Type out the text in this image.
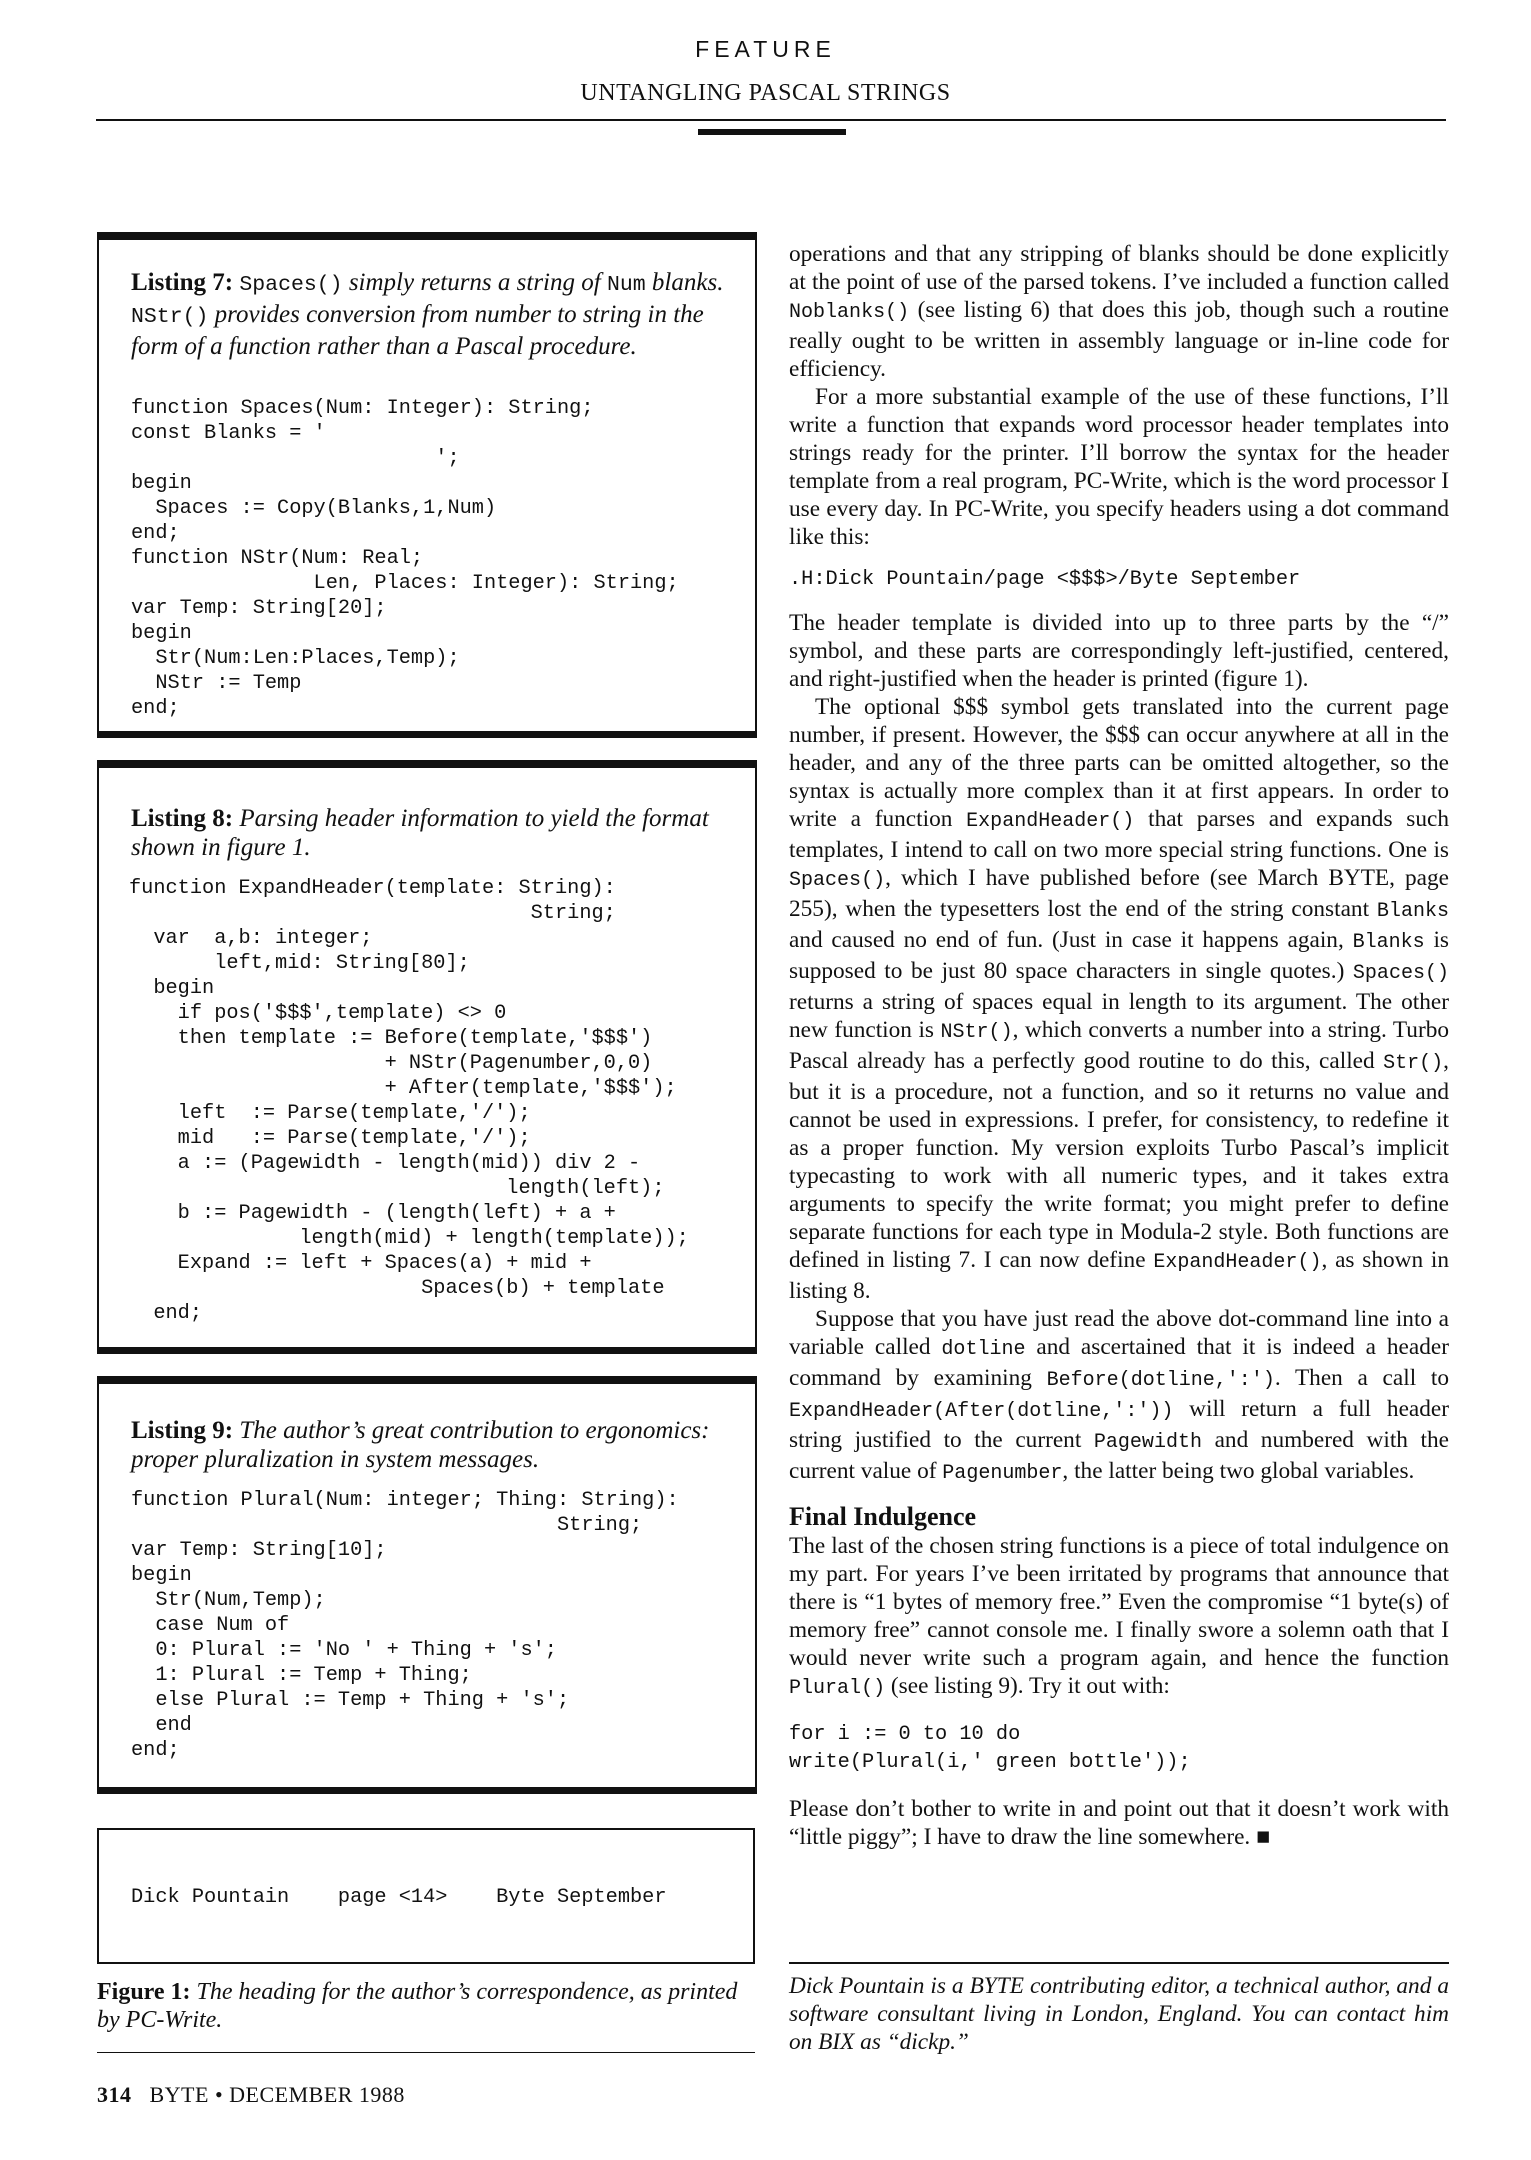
FEATURE
UNTANGLING PASCAL STRINGS
Listing 7: Spaces() simply returns a string of Num blanks. NStr() provides conversion from number to string in the form of a function rather than a Pascal procedure.
function Spaces(Num: Integer): String;
const Blanks = '
';
begin
Spaces := Copy(Blanks,1,Num)
end;
function NStr(Num: Real;
Len, Places: Integer): String;
var Temp: String[20];
begin
Str(Num:Len:Places,Temp);
NStr := Temp
end;
Listing 8: Parsing header information to yield the format shown in figure 1.
function ExpandHeader(template: String):
String;
var  a,b: integer;
left,mid: String[80];
begin
if pos('$$$',template) <> 0
then template := Before(template,'$$$')
+ NStr(Pagenumber,0,0)
+ After(template,'$$$');
left  := Parse(template,'/');
mid   := Parse(template,'/');
a := (Pagewidth - length(mid)) div 2 -
length(left);
b := Pagewidth - (length(left) + a +
length(mid) + length(template));
Expand := left + Spaces(a) + mid +
Spaces(b) + template
end;
Listing 9: The author’s great contribution to ergonomics: proper pluralization in system messages.
function Plural(Num: integer; Thing: String):
String;
var Temp: String[10];
begin
Str(Num,Temp);
case Num of
0: Plural := 'No ' + Thing + 's';
1: Plural := Temp + Thing;
else Plural := Temp + Thing + 's';
end
end;
Dick Pountain    page <14>    Byte September
Figure 1: The heading for the author’s correspondence, as printed by PC-Write.

operations and that any stripping of blanks should be done explicitly at the point of use of the parsed tokens. I’ve included a function called Noblanks() (see listing 6) that does this job, though such a routine really ought to be written in assembly language or in-line code for efficiency.

For a more substantial example of the use of these functions, I’ll write a function that expands word processor header templates into strings ready for the printer. I’ll borrow the syntax for the header template from a real program, PC-Write, which is the word processor I use every day. In PC-Write, you specify headers using a dot command like this:

.H:Dick Pountain/page <$$$>/Byte September

The header template is divided into up to three parts by the “/” symbol, and these parts are correspondingly left-justified, centered, and right-justified when the header is printed (figure 1).

The optional $$$ symbol gets translated into the current page number, if present. However, the $$$ can occur anywhere at all in the header, and any of the three parts can be omitted altogether, so the syntax is actually more complex than it at first appears. In order to write a function ExpandHeader() that parses and expands such templates, I intend to call on two more special string functions. One is Spaces(), which I have published before (see March BYTE, page 255), when the typesetters lost the end of the string constant Blanks and caused no end of fun. (Just in case it happens again, Blanks is supposed to be just 80 space characters in single quotes.) Spaces() returns a string of spaces equal in length to its argument. The other new function is NStr(), which converts a number into a string. Turbo Pascal already has a perfectly good routine to do this, called Str(), but it is a procedure, not a function, and so it returns no value and cannot be used in expressions. I prefer, for consistency, to redefine it as a proper function. My version exploits Turbo Pascal’s implicit typecasting to work with all numeric types, and it takes extra arguments to specify the write format; you might prefer to define separate functions for each type in Modula-2 style. Both functions are defined in listing 7. I can now define ExpandHeader(), as shown in listing 8.

Suppose that you have just read the above dot-command line into a variable called dotline and ascertained that it is indeed a header command by examining Before(dotline,':'). Then a call to ExpandHeader(After(dotline,':')) will return a full header string justified to the current Pagewidth and numbered with the current value of Pagenumber, the latter being two global variables.

Final Indulgence

The last of the chosen string functions is a piece of total indulgence on my part. For years I’ve been irritated by programs that announce that there is “1 bytes of memory free.” Even the compromise “1 byte(s) of memory free” cannot console me. I finally swore a solemn oath that I would never write such a program again, and hence the function Plural() (see listing 9). Try it out with:

for i := 0 to 10 do
write(Plural(i,' green bottle'));

Please don’t bother to write in and point out that it doesn’t work with “little piggy”; I have to draw the line somewhere. ■

Dick Pountain is a BYTE contributing editor, a technical author, and a software consultant living in London, England. You can contact him on BIX as “dickp.”
314 BYTE • DECEMBER 1988
